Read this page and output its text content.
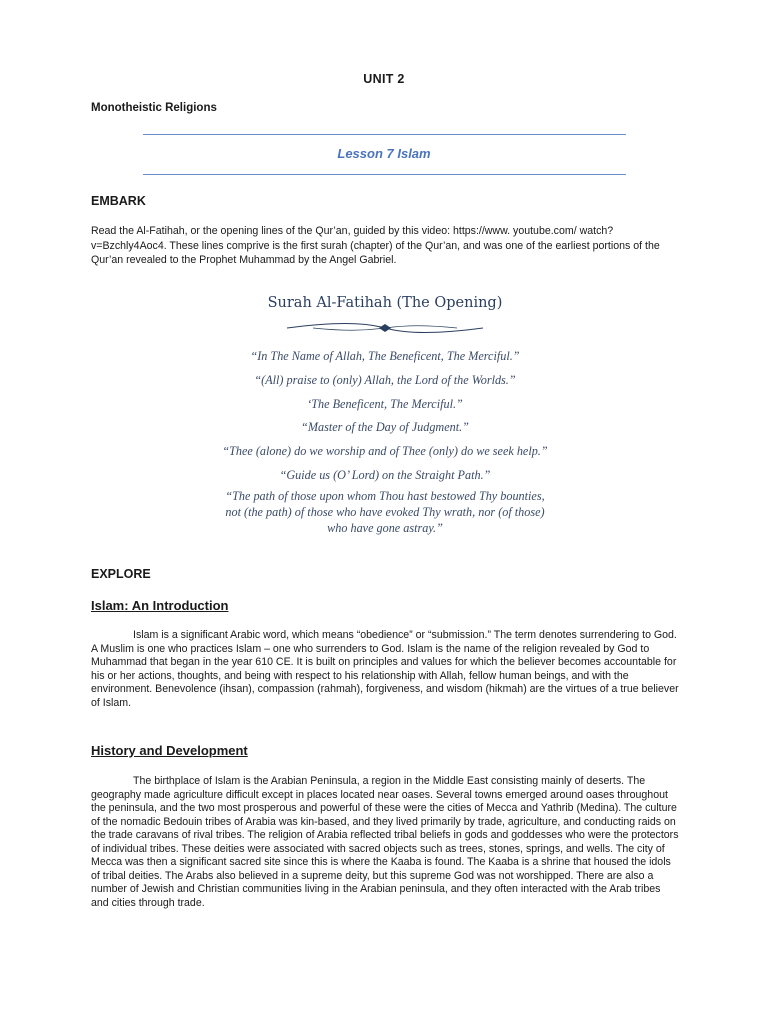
UNIT 2
Monotheistic Religions
Lesson 7 Islam
EMBARK

Read the Al-Fatihah, or the opening lines of the Qur’an, guided by this video: https://www. youtube.com/ watch?v=Bzchly4Aoc4. These lines comprive is the first surah (chapter) of the Qur’an, and was one of the earliest portions of the Qur’an revealed to the Prophet Muhammad by the Angel Gabriel.

Surah Al-Fatihah (The Opening)

“In The Name of Allah, The Beneficent, The Merciful.”

“(All) praise to (only) Allah, the Lord of the Worlds.”

‘The Beneficent, The Merciful.”

“Master of the Day of Judgment.”

“Thee (alone) do we worship and of Thee (only) do we seek help.”

“Guide us (O’ Lord) on the Straight Path.”

“The path of those upon whom Thou hast bestowed Thy bounties,

not (the path) of those who have evoked Thy wrath, nor (of those)

who have gone astray.”

EXPLORE
Islam: An Introduction

Islam is a significant Arabic word, which means “obedience” or “submission.” The term denotes surrendering to God. A Muslim is one who practices Islam – one who surrenders to God. Islam is the name of the religion revealed by God to Muhammad that began in the year 610 CE. It is built on principles and values for which the believer becomes accountable for his or her actions, thoughts, and being with respect to his relationship with Allah, fellow human beings, and with the environment. Benevolence (ihsan), compassion (rahmah), forgiveness, and wisdom (hikmah) are the virtues of a true believer of Islam.

History and Development

The birthplace of Islam is the Arabian Peninsula, a region in the Middle East consisting mainly of deserts. The geography made agriculture difficult except in places located near oases. Several towns emerged around oases throughout the peninsula, and the two most prosperous and powerful of these were the cities of Mecca and Yathrib (Medina). The culture of the nomadic Bedouin tribes of Arabia was kin-based, and they lived primarily by trade, agriculture, and conducting raids on the trade caravans of rival tribes. The religion of Arabia reflected tribal beliefs in gods and goddesses who were the protectors of individual tribes. These deities were associated with sacred objects such as trees, stones, springs, and wells. The city of Mecca was then a significant sacred site since this is where the Kaaba is found. The Kaaba is a shrine that housed the idols of tribal deities. The Arabs also believed in a supreme deity, but this supreme God was not worshipped. There are also a number of Jewish and Christian communities living in the Arabian peninsula, and they often interacted with the Arab tribes and cities through trade.
